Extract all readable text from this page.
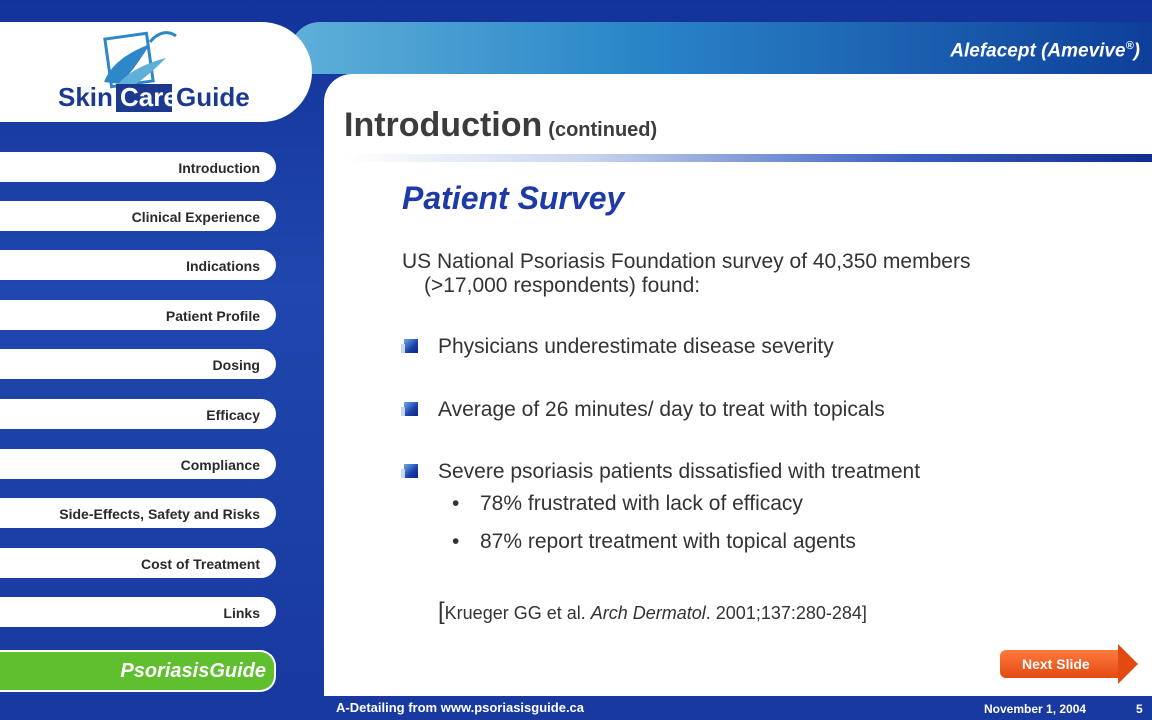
Alefacept (Amevive®)
Skin Care
Guide
Introduction (continued)
Patient Survey
US National Psoriasis Foundation survey of 40,350 members
(>17,000 respondents) found:
Physicians underestimate disease severity
Average of 26 minutes/ day to treat with topicals
Severe psoriasis patients dissatisfied with treatment
• 78% frustrated with lack of efficacy
• 87% report treatment with topical agents
[Krueger GG et al. Arch Dermatol. 2001;137:280-284]
Introduction
Clinical Experience
Indications
Patient Profile
Dosing
Efficacy
Compliance
Side-Effects, Safety and Risks
Cost of Treatment
Links
PsoriasisGuide	Next Slide
A-Detailing from www.psoriasisguide.ca	November 1, 2004	5
